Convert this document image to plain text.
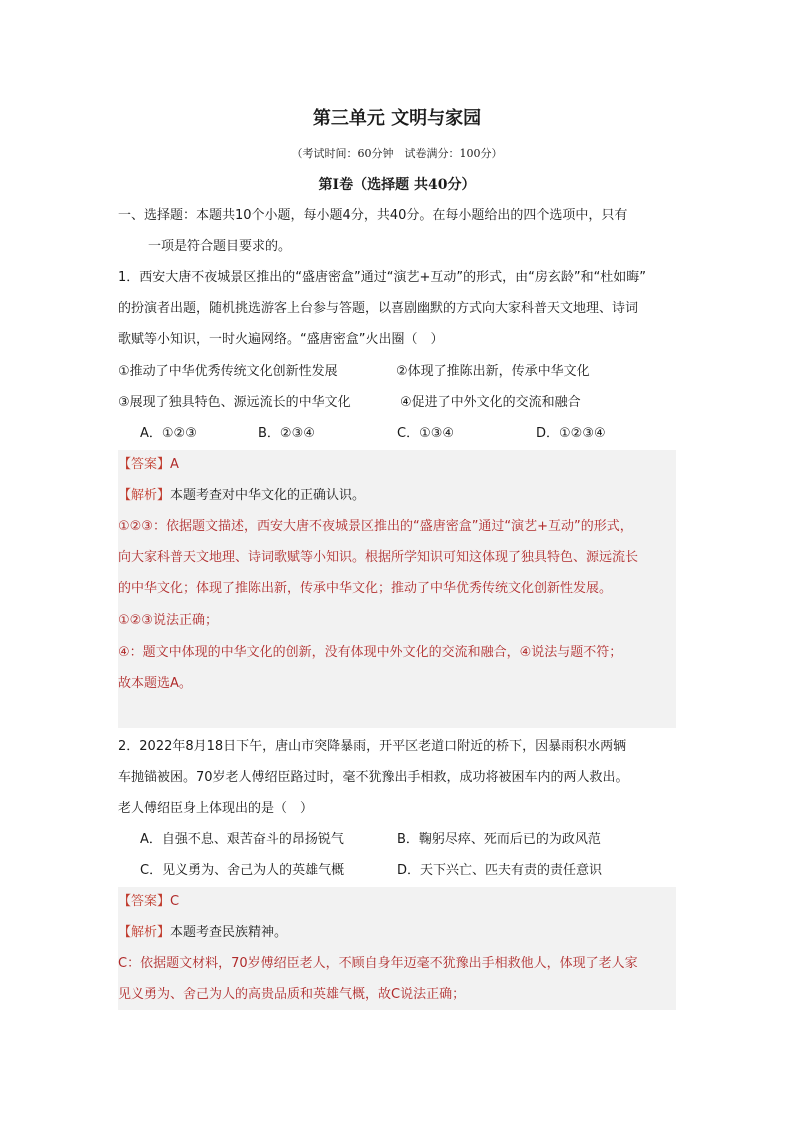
第三单元 文明与家园
（考试时间：60分钟　试卷满分：100分）
第Ⅰ卷（选择题 共40分）
一、选择题：本题共10个小题，每小题4分，共40分。在每小题给出的四个选项中，只有
一项是符合题目要求的。
1．西安大唐不夜城景区推出的“盛唐密盒”通过“演艺+互动”的形式，由“房玄龄”和“杜如晦”
的扮演者出题，随机挑选游客上台参与答题，以喜剧幽默的方式向大家科普天文地理、诗词
歌赋等小知识，一时火遍网络。“盛唐密盒”火出圈（　）
①推动了中华优秀传统文化创新性发展	②体现了推陈出新，传承中华文化
③展现了独具特色、源远流长的中华文化	④促进了中外文化的交流和融合
A．①②③	B．②③④	C．①③④	D．①②③④
【答案】A
【解析】本题考查对中华文化的正确认识。
①②③：依据题文描述，西安大唐不夜城景区推出的“盛唐密盒”通过“演艺+互动”的形式，
向大家科普天文地理、诗词歌赋等小知识。根据所学知识可知这体现了独具特色、源远流长
的中华文化；体现了推陈出新，传承中华文化；推动了中华优秀传统文化创新性发展。
①②③说法正确；
④：题文中体现的中华文化的创新，没有体现中外文化的交流和融合，④说法与题不符；
故本题选A。
2．2022年8月18日下午，唐山市突降暴雨，开平区老道口附近的桥下，因暴雨积水两辆
车抛锚被困。70岁老人傅绍臣路过时，毫不犹豫出手相救，成功将被困车内的两人救出。
老人傅绍臣身上体现出的是（　）
A．自强不息、艰苦奋斗的昂扬锐气	B．鞠躬尽瘁、死而后已的为政风范
C．见义勇为、舍己为人的英雄气概	D．天下兴亡、匹夫有责的责任意识
【答案】C
【解析】本题考查民族精神。
C：依据题文材料，70岁傅绍臣老人，不顾自身年迈毫不犹豫出手相救他人，体现了老人家
见义勇为、舍己为人的高贵品质和英雄气概，故C说法正确；
